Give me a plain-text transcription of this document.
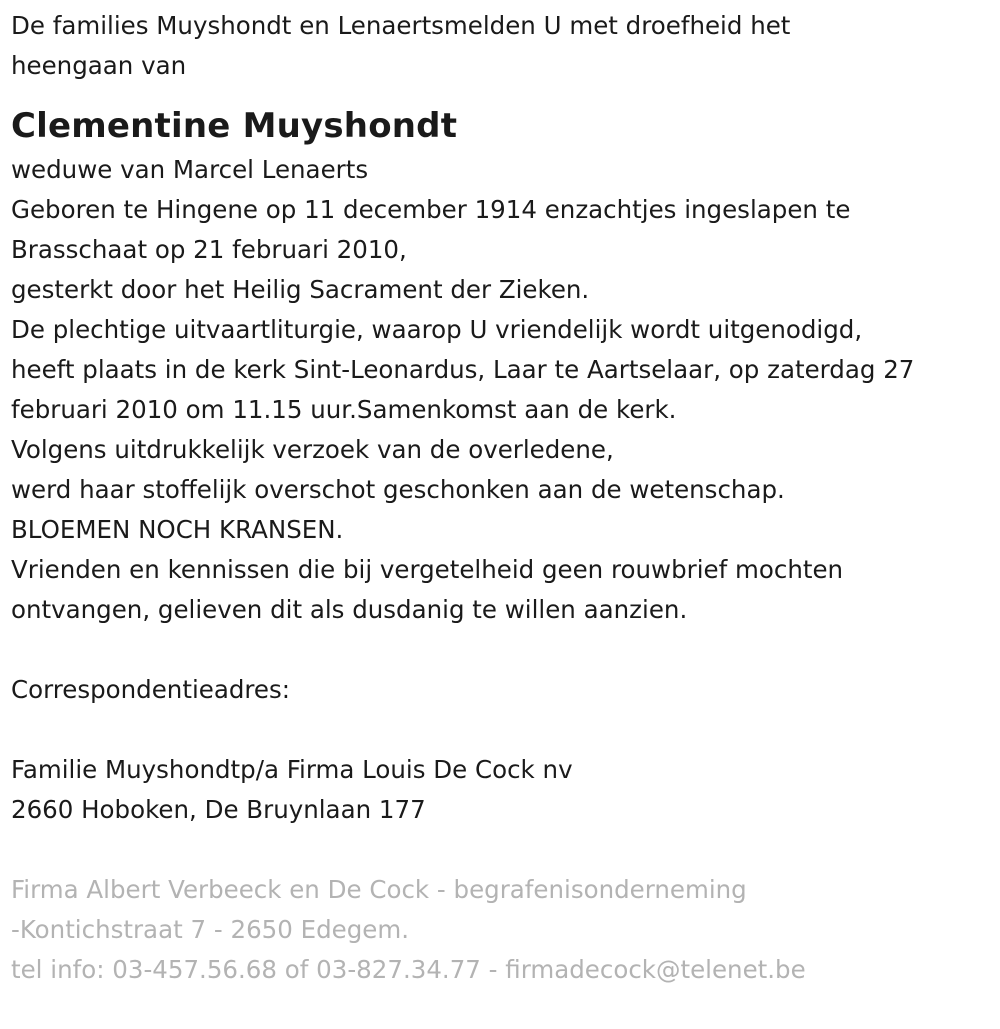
De families Muyshondt en Lenaertsmelden U met droefheid het

heengaan van

Clementine Muyshondt

weduwe van Marcel Lenaerts

Geboren te Hingene op 11 december 1914 enzachtjes ingeslapen te

Brasschaat op 21 februari 2010,

gesterkt door het Heilig Sacrament der Zieken.

De plechtige uitvaartliturgie, waarop U vriendelijk wordt uitgenodigd,

heeft plaats in de kerk Sint-Leonardus, Laar te Aartselaar, op zaterdag 27

februari 2010 om 11.15 uur.Samenkomst aan de kerk.

Volgens uitdrukkelijk verzoek van de overledene,

werd haar stoffelijk overschot geschonken aan de wetenschap.

BLOEMEN NOCH KRANSEN.

Vrienden en kennissen die bij vergetelheid geen rouwbrief mochten

ontvangen, gelieven dit als dusdanig te willen aanzien.

Correspondentieadres:

Familie Muyshondtp/a Firma Louis De Cock nv

2660 Hoboken, De Bruynlaan 177

Firma Albert Verbeeck en De Cock - begrafenisonderneming

-Kontichstraat 7 - 2650 Edegem.

tel info: 03-457.56.68 of 03-827.34.77 - firmadecock@telenet.be
